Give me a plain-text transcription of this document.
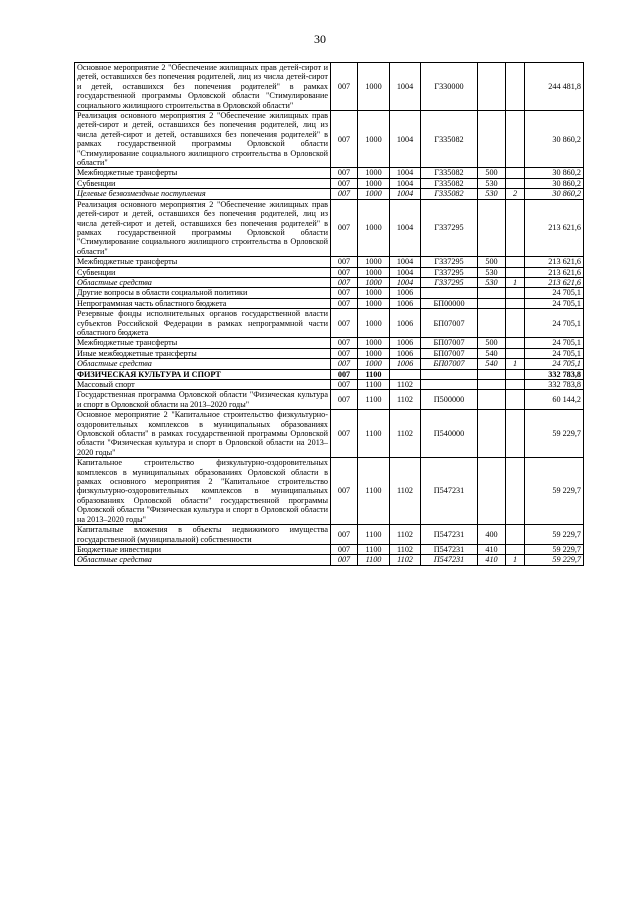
30
Основное мероприятие 2 "Обеспечение жилищных прав детей-сирот и детей, оставшихся без попечения родителей, лиц из числа детей-сирот и детей, оставшихся без попечения родителей" в рамках государственной программы Орловской области "Стимулирование социального жилищного строительства в Орловской области"	007	1000	1004	Г330000			244 481,8
Реализация основного мероприятия 2 "Обеспечение жилищных прав детей-сирот и детей, оставшихся без попечения родителей, лиц из числа детей-сирот и детей, оставшихся без попечения родителей" в рамках государственной программы Орловской области "Стимулирование социального жилищного строительства в Орловской области"	007	1000	1004	Г335082			30 860,2
Межбюджетные трансферты	007	1000	1004	Г335082	500		30 860,2
Субвенции	007	1000	1004	Г335082	530		30 860,2
Целевые безвозмездные поступления	007	1000	1004	Г335082	530	2	30 860,2
Реализация основного мероприятия 2 "Обеспечение жилищных прав детей-сирот и детей, оставшихся без попечения родителей, лиц из числа детей-сирот и детей, оставшихся без попечения родителей" в рамках государственной программы Орловской области "Стимулирование социального жилищного строительства в Орловской области"	007	1000	1004	Г337295			213 621,6
Межбюджетные трансферты	007	1000	1004	Г337295	500		213 621,6
Субвенции	007	1000	1004	Г337295	530		213 621,6
Областные средства	007	1000	1004	Г337295	530	1	213 621,6
Другие вопросы в области социальной политики	007	1000	1006				24 705,1
Непрограммная часть областного бюджета	007	1000	1006	БП00000			24 705,1
Резервные фонды исполнительных органов государственной власти субъектов Российской Федерации в рамках непрограммной части областного бюджета	007	1000	1006	БП07007			24 705,1
Межбюджетные трансферты	007	1000	1006	БП07007	500		24 705,1
Иные межбюджетные трансферты	007	1000	1006	БП07007	540		24 705,1
Областные средства	007	1000	1006	БП07007	540	1	24 705,1
ФИЗИЧЕСКАЯ КУЛЬТУРА И СПОРТ	007	1100					332 783,8
Массовый спорт	007	1100	1102				332 783,8
Государственная программа Орловской области "Физическая культура и спорт в Орловской области на 2013–2020 годы"	007	1100	1102	П500000			60 144,2
Основное мероприятие 2 "Капитальное строительство физкультурно-оздоровительных комплексов в муниципальных образованиях Орловской области" в рамках государственной программы Орловской области "Физическая культура и спорт в Орловской области на 2013–2020 годы"	007	1100	1102	П540000			59 229,7
Капитальное строительство физкультурно-оздоровительных комплексов в муниципальных образованиях Орловской области в рамках основного мероприятия 2 "Капитальное строительство физкультурно-оздоровительных комплексов в муниципальных образованиях Орловской области" государственной программы Орловской области "Физическая культура и спорт в Орловской области на 2013–2020 годы"	007	1100	1102	П547231			59 229,7
Капитальные вложения в объекты недвижимого имущества государственной (муниципальной) собственности	007	1100	1102	П547231	400		59 229,7
Бюджетные инвестиции	007	1100	1102	П547231	410		59 229,7
Областные средства	007	1100	1102	П547231	410	1	59 229,7
